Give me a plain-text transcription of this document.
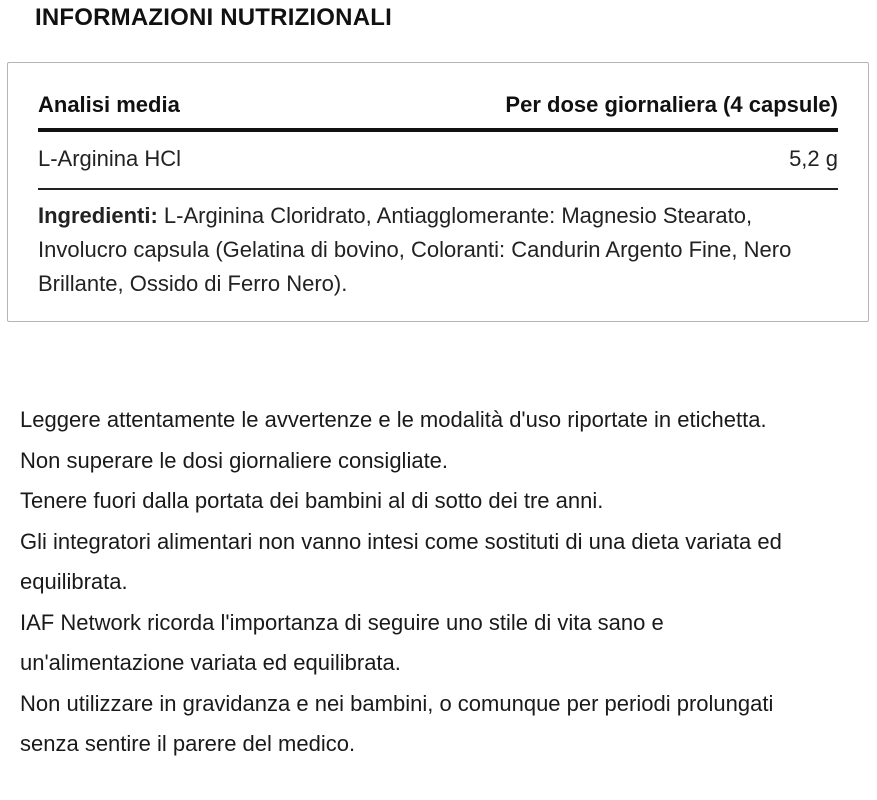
INFORMAZIONI NUTRIZIONALI
Analisi media	Per dose giornaliera (4 capsule)
L-Arginina HCl	5,2 g
Ingredienti: L-Arginina Cloridrato, Antiagglomerante: Magnesio Stearato, Involucro capsula (Gelatina di bovino, Coloranti: Candurin Argento Fine, Nero Brillante, Ossido di Ferro Nero).

Leggere attentamente le avvertenze e le modalità d'uso riportate in etichetta.

Non superare le dosi giornaliere consigliate.

Tenere fuori dalla portata dei bambini al di sotto dei tre anni.

Gli integratori alimentari non vanno intesi come sostituti di una dieta variata ed equilibrata.

IAF Network ricorda l'importanza di seguire uno stile di vita sano e un'alimentazione variata ed equilibrata.

Non utilizzare in gravidanza e nei bambini, o comunque per periodi prolungati senza sentire il parere del medico.
